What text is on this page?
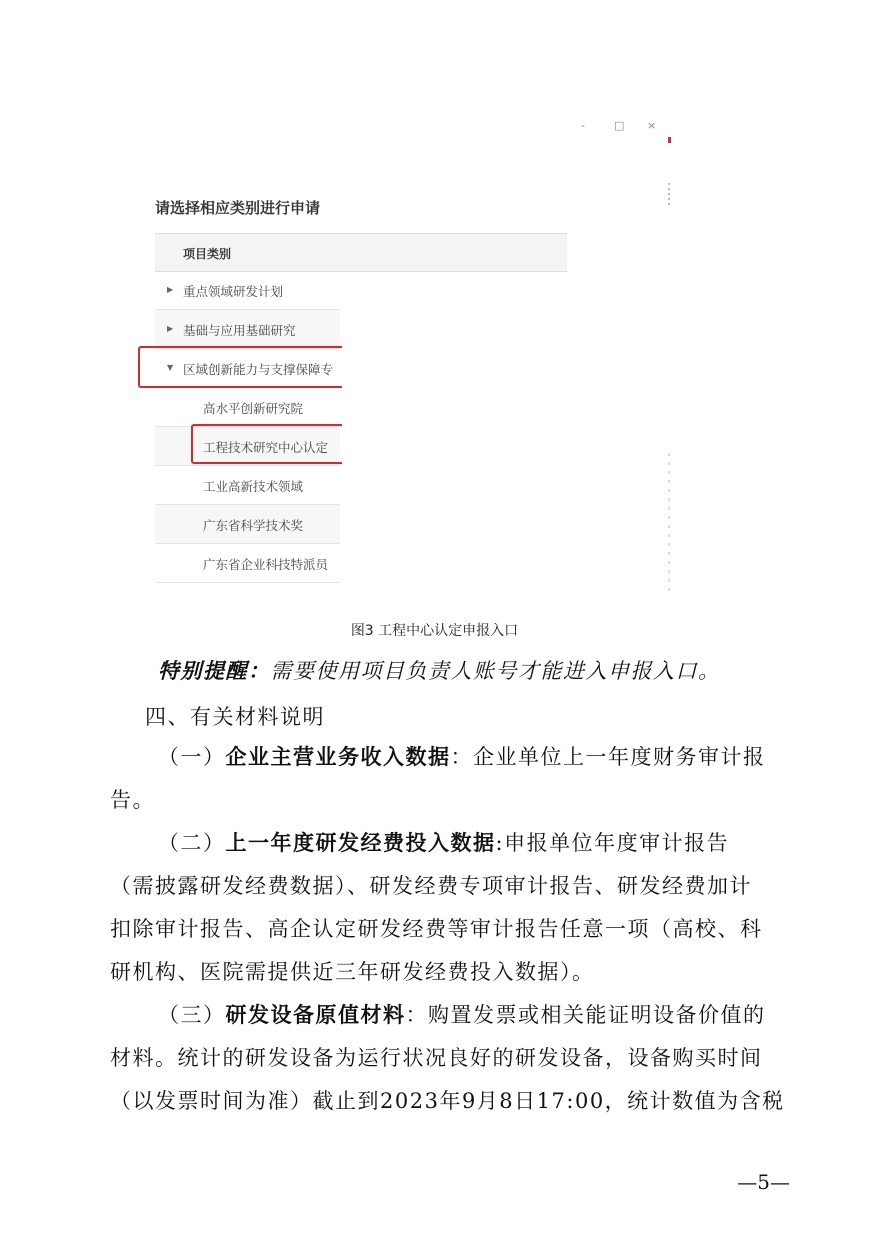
-	□ ×
请选择相应类别进行申请
项目类别
▶ 重点领域研发计划
▶ 基础与应用基础研究
▼ 区域创新能力与支撑保障专
高水平创新研究院
工程技术研究中心认定
工业高新技术领域
广东省科学技术奖
广东省企业科技特派员
图3 工程中心认定申报入口
特别提醒：需要使用项目负责人账号才能进入申报入口。
四、有关材料说明
（一）企业主营业务收入数据：企业单位上一年度财务审计报
告。
（二）上一年度研发经费投入数据:申报单位年度审计报告
（需披露研发经费数据）、研发经费专项审计报告、研发经费加计
扣除审计报告、高企认定研发经费等审计报告任意一项（高校、科
研机构、医院需提供近三年研发经费投入数据）。
（三）研发设备原值材料：购置发票或相关能证明设备价值的
材料。统计的研发设备为运行状况良好的研发设备，设备购买时间
（以发票时间为准）截止到2023年9月8日17:00，统计数值为含税
—5—
